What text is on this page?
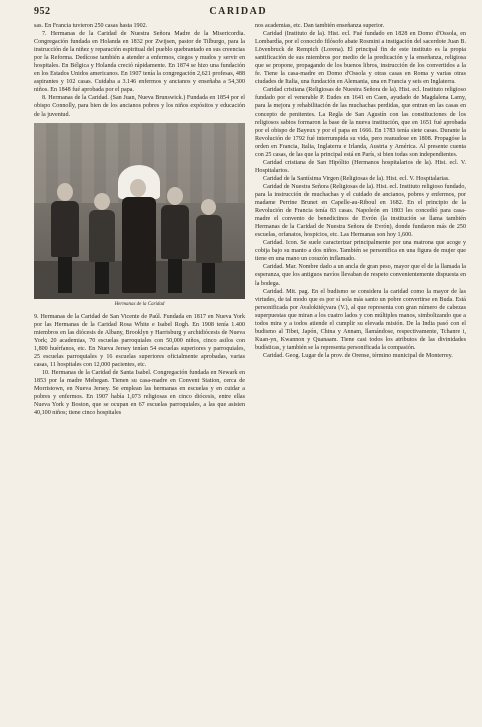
952	CARIDAD

sas. En Francia tuvieron 250 casas hasta 1902.

7. Hermanas de la Caridad de Nuestra Señora Madre de la Misericordia. Congregación fundada en Holanda en 1832 por Zwijsen, pastor de Tilburgo, para la instrucción de la niñez y reparación espiritual del pueblo quebrantado en sus creencias por la Reforma. Dedícose también a atender a enfermos, ciegos y mudos y servir en hospitales. En Bélgica y Holanda creció rápidamente. En 1874 se hizo una fundación en los Estados Unidos americanos. En 1907 tenía la congregación 2,621 profesas, 488 aspirantes y 102 casas. Cuidaba a 3.146 enfermos y ancianos y enseñaba a 54,300 niños. En 1848 fué aprobada por el papa.

8. Hermanas de la Caridad. (San Juan, Nueva Brunswick.) Fundada en 1854 por el obispo Connolly, para bien de los ancianos pobres y los niños expósitos y educación de la juventud.

Hermanas de la Caridad

9. Hermanas de la Caridad de San Vicente de Paúl. Fundada en 1817 en Nueva York por las Hermanas de la Caridad Rosa White e Isabel Rogh. En 1908 tenía 1.400 miembros en las diócesis de Albany, Brooklyn y Harrisburg y archidiócesis de Nueva York; 20 academias, 70 escuelas parroquiales con 50,000 niños, cinco asilos con 1,800 huérfanos, etc. En Nueva Jersey tenían 54 escuelas superiores y parroquiales, 25 escuelas parroquiales y 16 escuelas superiores oficialmente aprobadas, varias casas, 11 hospitales con 12,000 pacientes, etc.

10. Hermanas de la Caridad de Santa Isabel. Congregación fundada en Newark en 1853 por la madre Mehegan. Tienen su casa-madre en Convent Station, cerca de Morristown, en Nueva Jersey. Se emplean las hermanas en escuelas y en cuidar a pobres y enfermos. En 1907 había 1,073 religiosas en cinco diócesis, entre ellas Nueva York y Boston, que se ocupan en 67 escuelas parroquiales, a las que asisten 40,100 niños; tiene cinco hospitales

nos academias, etc. Dan también enseñanza superior.

Caridad (Instituto de la). Hist. ecl. Fué fundado en 1828 en Domo d'Ossola, en Lombardía, por el conocido filósofo abate Rosmini a instigación del sacerdote Juan B. Lövenbruck de Rempich (Lorena). El principal fin de este instituto es la propia santificación de sus miembros por medio de la predicación y la enseñanza, religiosa que se propone, propagando de los buenos libros, instrucción de los convertidos a la fe. Tiene la casa-madre en Domo d'Ossola y otras casas en Roma y varias otras ciudades de Italia, una fundación en Alemania, una en Francia y seis en Inglaterra.

Caridad cristiana (Religiosas de Nuestra Señora de la). Hist. ecl. Instituto religioso fundado por el venerable P. Eudes en 1641 en Caen, ayudado de Magdalena Lamy, para la mejora y rehabilitación de las muchachas perdidas, que entran en las casas en concepto de penitentes. La Regla de San Agustín con las constituciones de los religiosos sabios formaron la base de la nueva institución, que en 1651 fué aprobada por el obispo de Bayeux y por el papa en 1666. En 1783 tenía siete casas. Durante la Revolución de 1792 fué interrumpida su vida, pero reanudose en 1808. Propagóse la orden en Francia, Italia, Inglaterra e Irlanda, Austria y América. Al presente cuenta con 25 casas, de las que la principal está en París, si bien todas son independientes.

Caridad cristiana de San Hipólito (Hermanos hospitalarios de la). Hist. ecl. V. Hospitalarios.

Caridad de la Santísima Virgen (Religiosas de la). Hist. ecl. V. Hospitalarias.

Caridad de Nuestra Señora (Religiosas de la). Hist. ecl. Instituto religioso fundado, para la instrucción de muchachas y el cuidado de ancianos, pobres y enfermos, por madame Perrine Brunet en Capelle-au-Riboul en 1682. En el principio de la Revolución de Francia tenía 83 casas. Napoleón en 1803 les concedió para casa-madre el convento de benedictinos de Evrón (la institución se llama también Hermanas de la Caridad de Nuestra Señora de Evrón), donde fundaron más de 250 escuelas, orfanatos, hospicios, etc. Las Hermanas son hoy 1,600.

Caridad. Icon. Se suele caracterizar principalmente por una matrona que acoge y cobija bajo su manto a dos niños. También se personifica en una figura de mujer que tiene en una mano un corazón inflamado.

Caridad. Mar. Nombre dado a un ancla de gran peso, mayor que el de la llamada la esperanza, que los antiguos navíos llevaban de respeto convenientemente dispuesta en la bodega.

Caridad. Mit. pag. En el budismo se considera la caridad como la mayor de las virtudes, de tal modo que es por sí sola más santo un pobre convertirse en Buda. Está personificada por Avalokitéçvara (V.), al que representa con gran número de cabezas superpuestas que miran a los cuatro lados y con múltiples manos, simbolizando que a todos mira y a todos atiende el cumplir su elevada misión. De la India pasó con el budismo al Tibet, Japón, China y Annam, llamándose, respectivamente, Tchanre i, Kuan-yn, Kwannon y Quanaam. Tiene casi todos los atributos de las divinidades budísticas, y también se la representa personificada la compasión.

Caridad. Geog. Lugar de la prov. de Orense, término municipal de Monterrey.
